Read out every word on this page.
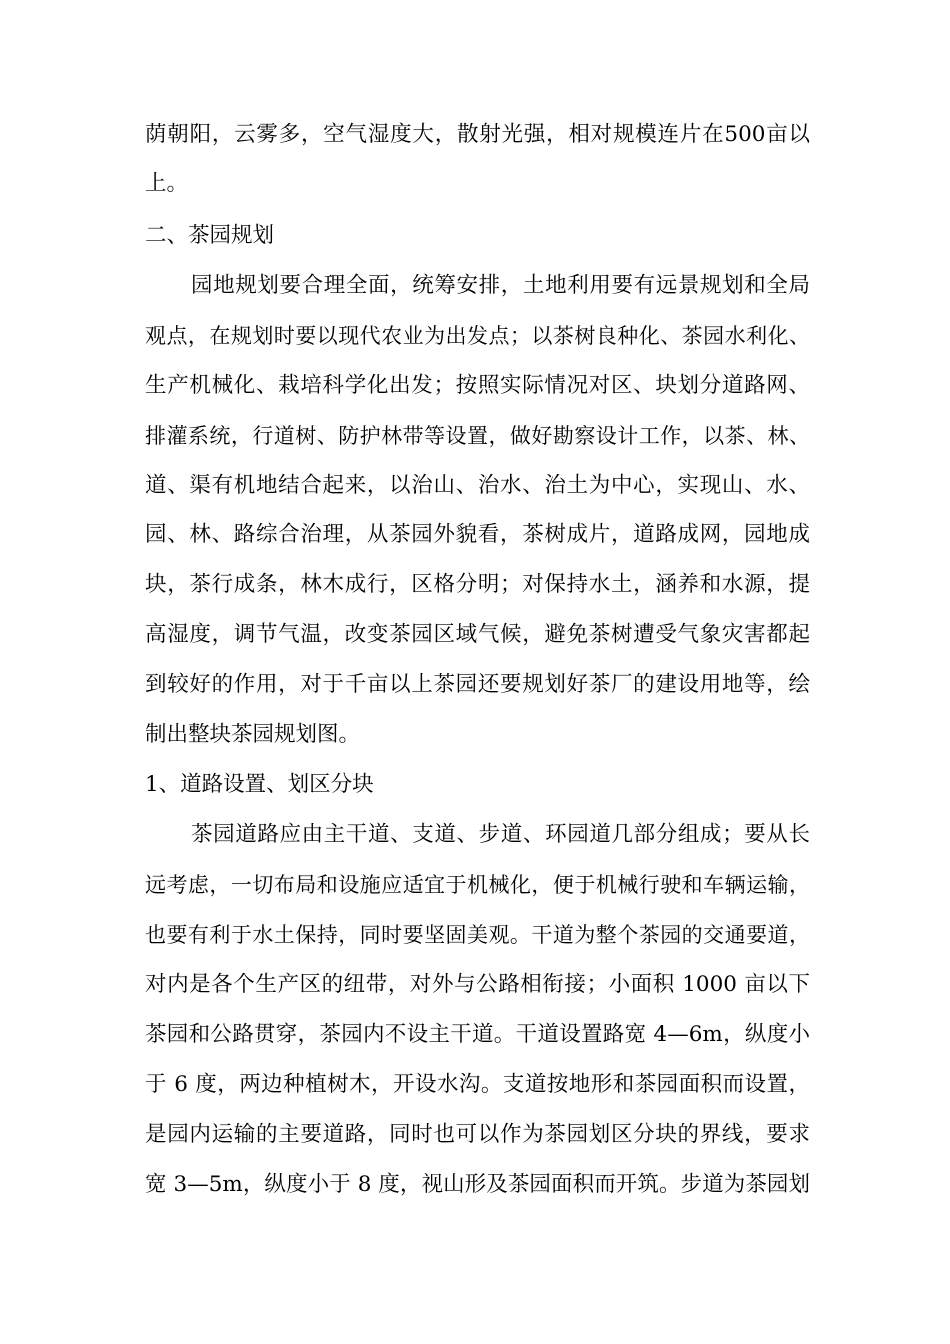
荫朝阳，云雾多，空气湿度大，散射光强，相对规模连片在500亩以
上。
二、茶园规划
园地规划要合理全面，统筹安排，土地利用要有远景规划和全局
观点，在规划时要以现代农业为出发点；以茶树良种化、茶园水利化、
生产机械化、栽培科学化出发；按照实际情况对区、块划分道路网、
排灌系统，行道树、防护林带等设置，做好勘察设计工作，以茶、林、
道、渠有机地结合起来，以治山、治水、治土为中心，实现山、水、
园、林、路综合治理，从茶园外貌看，茶树成片，道路成网，园地成
块，茶行成条，林木成行，区格分明；对保持水土，涵养和水源，提
高湿度，调节气温，改变茶园区域气候，避免茶树遭受气象灾害都起
到较好的作用，对于千亩以上茶园还要规划好茶厂的建设用地等，绘
制出整块茶园规划图。
1、道路设置、划区分块
茶园道路应由主干道、支道、步道、环园道几部分组成；要从长
远考虑，一切布局和设施应适宜于机械化，便于机械行驶和车辆运输，
也要有利于水土保持，同时要坚固美观。干道为整个茶园的交通要道，
对内是各个生产区的纽带，对外与公路相衔接；小面积 1000 亩以下
茶园和公路贯穿，茶园内不设主干道。干道设置路宽 4—6m，纵度小
于 6 度，两边种植树木，开设水沟。支道按地形和茶园面积而设置，
是园内运输的主要道路，同时也可以作为茶园划区分块的界线，要求
宽 3—5m，纵度小于 8 度，视山形及茶园面积而开筑。步道为茶园划
